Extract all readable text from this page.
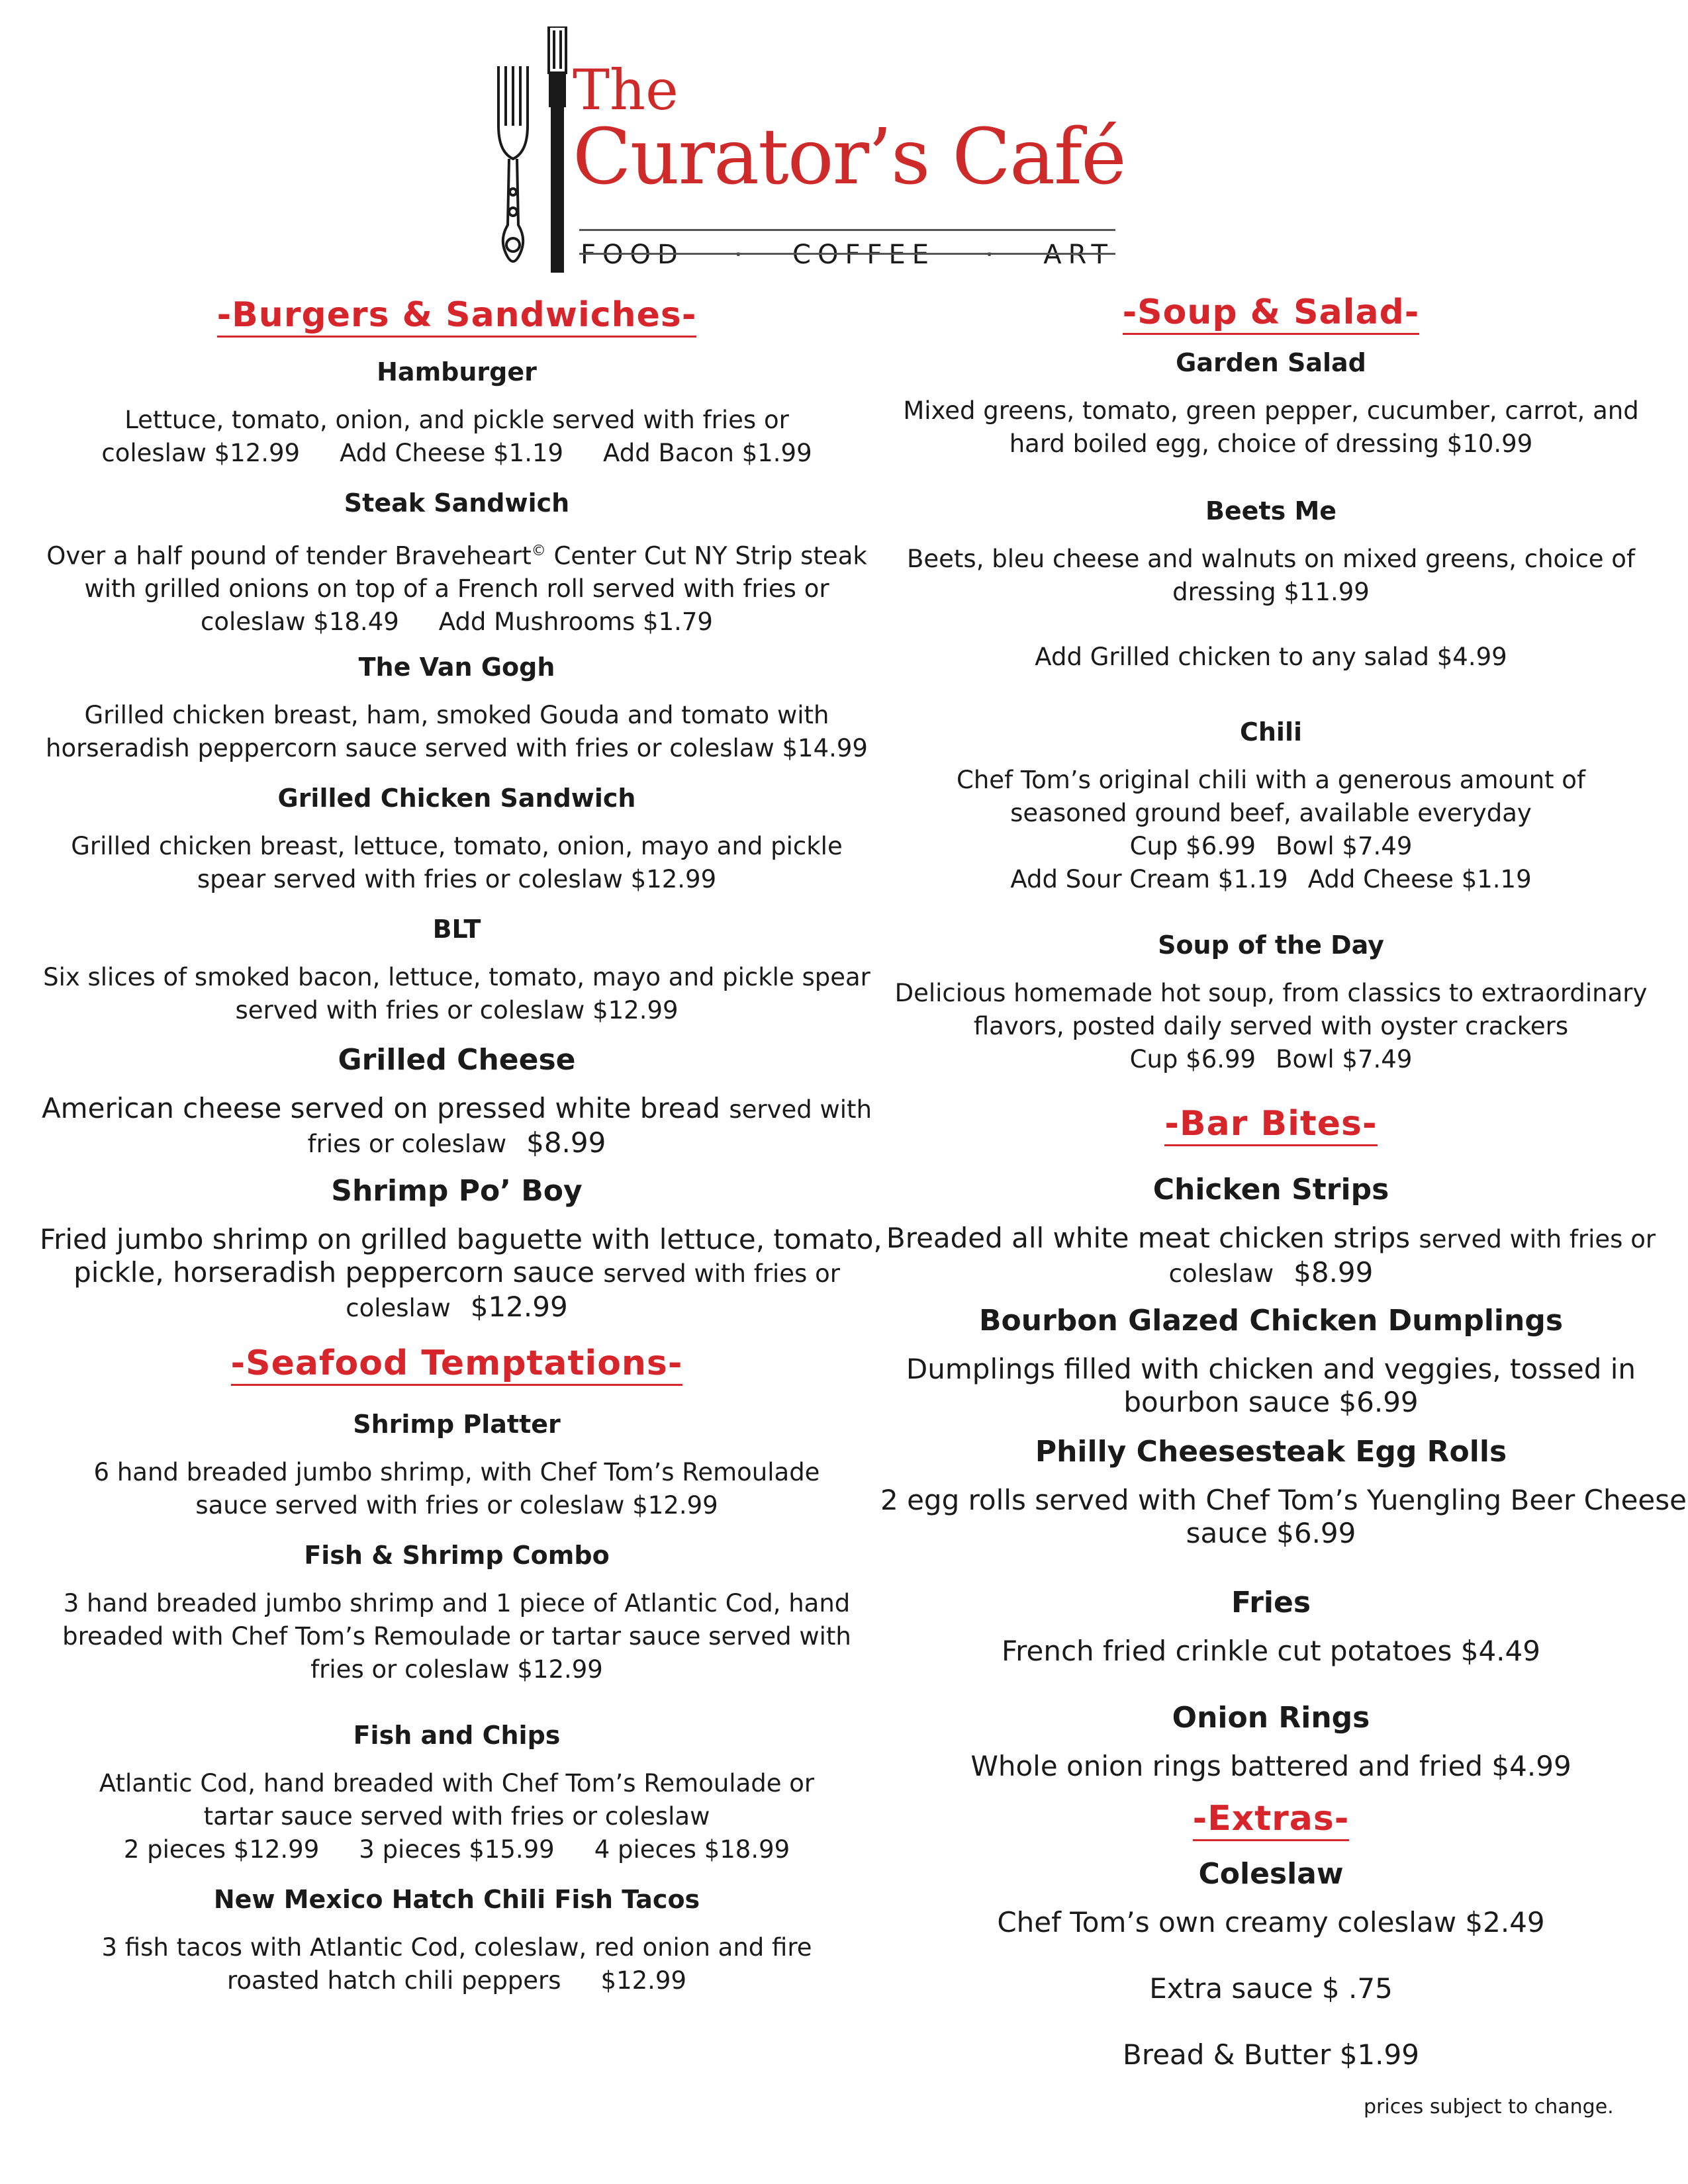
The
Curator’s Café
FOOD · COFFEE · ART
-Burgers & Sandwiches-
Hamburger
Lettuce, tomato, onion, and pickle served with fries or
coleslaw $12.99 Add Cheese $1.19 Add Bacon $1.99
Steak Sandwich
Over a half pound of tender Braveheart© Center Cut NY Strip steak
with grilled onions on top of a French roll served with fries or
coleslaw $18.49 Add Mushrooms $1.79
The Van Gogh
Grilled chicken breast, ham, smoked Gouda and tomato with
horseradish peppercorn sauce served with fries or coleslaw $14.99
Grilled Chicken Sandwich
Grilled chicken breast, lettuce, tomato, onion, mayo and pickle
spear served with fries or coleslaw $12.99
BLT
Six slices of smoked bacon, lettuce, tomato, mayo and pickle spear
served with fries or coleslaw $12.99
Grilled Cheese
American cheese served on pressed white bread served with
fries or coleslaw $8.99
Shrimp Po’ Boy
Fried jumbo shrimp on grilled baguette with lettuce, tomato,
pickle, horseradish peppercorn sauce served with fries or
coleslaw $12.99
-Seafood Temptations-
Shrimp Platter
6 hand breaded jumbo shrimp, with Chef Tom’s Remoulade
sauce served with fries or coleslaw $12.99
Fish & Shrimp Combo
3 hand breaded jumbo shrimp and 1 piece of Atlantic Cod, hand
breaded with Chef Tom’s Remoulade or tartar sauce served with
fries or coleslaw $12.99
Fish and Chips
Atlantic Cod, hand breaded with Chef Tom’s Remoulade or
tartar sauce served with fries or coleslaw
2 pieces $12.99 3 pieces $15.99 4 pieces $18.99
New Mexico Hatch Chili Fish Tacos
3 fish tacos with Atlantic Cod, coleslaw, red onion and fire
roasted hatch chili peppers $12.99
-Soup & Salad-
Garden Salad
Mixed greens, tomato, green pepper, cucumber, carrot, and
hard boiled egg, choice of dressing $10.99
Beets Me
Beets, bleu cheese and walnuts on mixed greens, choice of
dressing $11.99
Add Grilled chicken to any salad $4.99
Chili
Chef Tom’s original chili with a generous amount of
seasoned ground beef, available everyday
Cup $6.99 Bowl $7.49
Add Sour Cream $1.19 Add Cheese $1.19
Soup of the Day
Delicious homemade hot soup, from classics to extraordinary
flavors, posted daily served with oyster crackers
Cup $6.99 Bowl $7.49
-Bar Bites-
Chicken Strips
Breaded all white meat chicken strips served with fries or
coleslaw $8.99
Bourbon Glazed Chicken Dumplings
Dumplings filled with chicken and veggies, tossed in
bourbon sauce $6.99
Philly Cheesesteak Egg Rolls
2 egg rolls served with Chef Tom’s Yuengling Beer Cheese
sauce $6.99
Fries
French fried crinkle cut potatoes $4.49
Onion Rings
Whole onion rings battered and fried $4.99
-Extras-
Coleslaw
Chef Tom’s own creamy coleslaw $2.49
Extra sauce $ .75
Bread & Butter $1.99
prices subject to change.
